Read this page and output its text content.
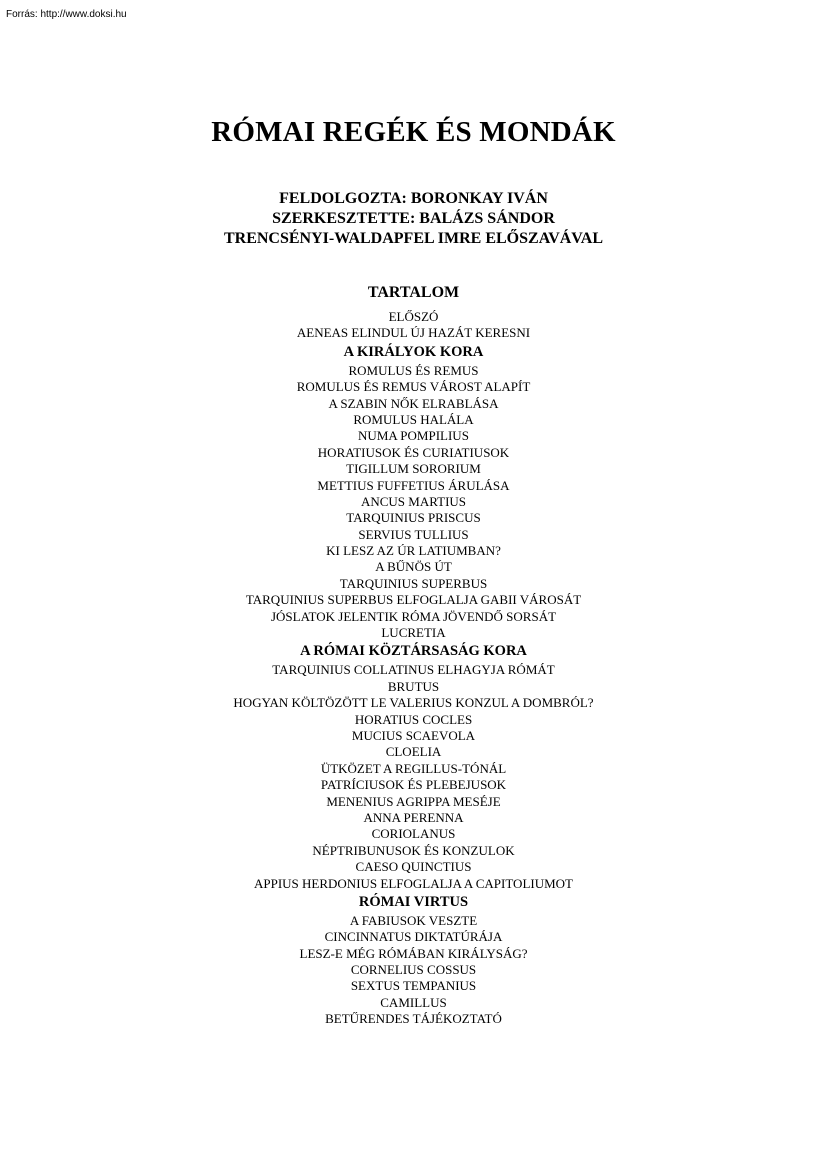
Forrás: http://www.doksi.hu
RÓMAI REGÉK ÉS MONDÁK
FELDOLGOZTA: BORONKAY IVÁN
SZERKESZTETTE: BALÁZS SÁNDOR
TRENCSÉNYI-WALDAPFEL IMRE ELŐSZAVÁVAL
TARTALOM
ELŐSZÓ
AENEAS ELINDUL ÚJ HAZÁT KERESNI
A KIRÁLYOK KORA
ROMULUS ÉS REMUS
ROMULUS ÉS REMUS VÁROST ALAPÍT
A SZABIN NŐK ELRABLÁSA
ROMULUS HALÁLA
NUMA POMPILIUS
HORATIUSOK ÉS CURIATIUSOK
TIGILLUM SORORIUM
METTIUS FUFFETIUS ÁRULÁSA
ANCUS MARTIUS
TARQUINIUS PRISCUS
SERVIUS TULLIUS
KI LESZ AZ ÚR LATIUMBAN?
A BŰNÖS ÚT
TARQUINIUS SUPERBUS
TARQUINIUS SUPERBUS ELFOGLALJA GABII VÁROSÁT
JÓSLATOK JELENTIK RÓMA JÖVENDŐ SORSÁT
LUCRETIA
A RÓMAI KÖZTÁRSASÁG KORA
TARQUINIUS COLLATINUS ELHAGYJA RÓMÁT
BRUTUS
HOGYAN KÖLTÖZÖTT LE VALERIUS KONZUL A DOMBRÓL?
HORATIUS COCLES
MUCIUS SCAEVOLA
CLOELIA
ÜTKÖZET A REGILLUS-TÓNÁL
PATRÍCIUSOK ÉS PLEBEJUSOK
MENENIUS AGRIPPA MESÉJE
ANNA PERENNA
CORIOLANUS
NÉPTRIBUNUSOK ÉS KONZULOK
CAESO QUINCTIUS
APPIUS HERDONIUS ELFOGLALJA A CAPITOLIUMOT
RÓMAI VIRTUS
A FABIUSOK VESZTE
CINCINNATUS DIKTATÚRÁJA
LESZ-E MÉG RÓMÁBAN KIRÁLYSÁG?
CORNELIUS COSSUS
SEXTUS TEMPANIUS
CAMILLUS
BETŰRENDES TÁJÉKOZTATÓ
